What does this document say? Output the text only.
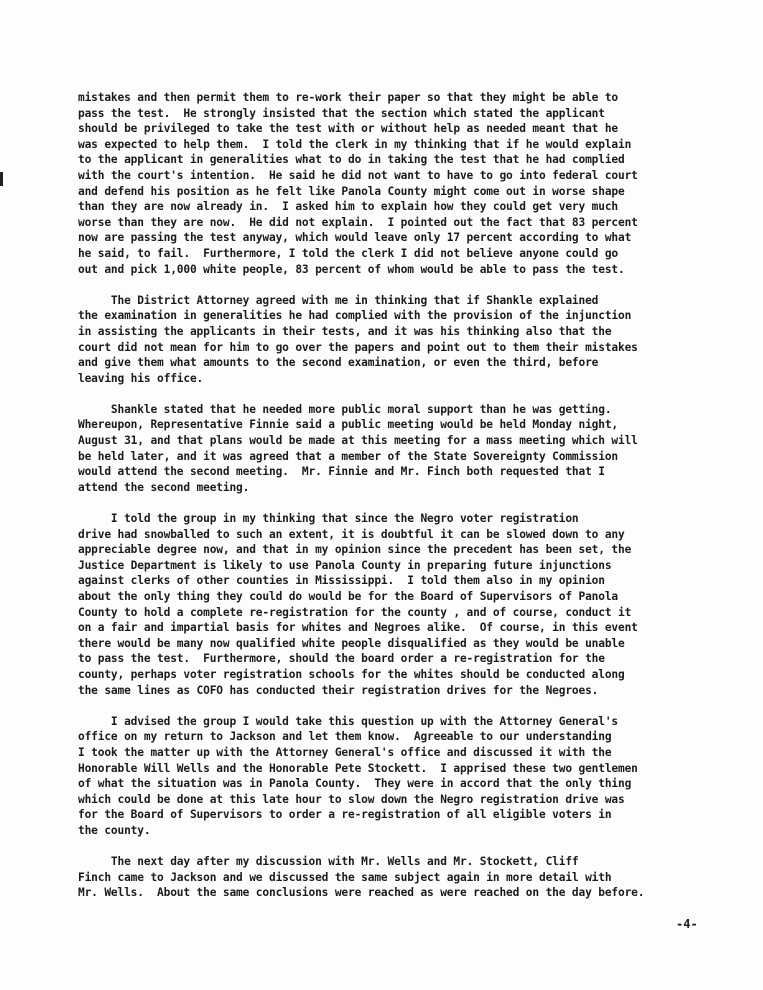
mistakes and then permit them to re-work their paper so that they might be able to
pass the test.  He strongly insisted that the section which stated the applicant
should be privileged to take the test with or without help as needed meant that he
was expected to help them.  I told the clerk in my thinking that if he would explain
to the applicant in generalities what to do in taking the test that he had complied
with the court's intention.  He said he did not want to have to go into federal court
and defend his position as he felt like Panola County might come out in worse shape
than they are now already in.  I asked him to explain how they could get very much
worse than they are now.  He did not explain.  I pointed out the fact that 83 percent
now are passing the test anyway, which would leave only 17 percent according to what
he said, to fail.  Furthermore, I told the clerk I did not believe anyone could go
out and pick 1,000 white people, 83 percent of whom would be able to pass the test.
The District Attorney agreed with me in thinking that if Shankle explained
the examination in generalities he had complied with the provision of the injunction
in assisting the applicants in their tests, and it was his thinking also that the
court did not mean for him to go over the papers and point out to them their mistakes
and give them what amounts to the second examination, or even the third, before
leaving his office.
Shankle stated that he needed more public moral support than he was getting.
Whereupon, Representative Finnie said a public meeting would be held Monday night,
August 31, and that plans would be made at this meeting for a mass meeting which will
be held later, and it was agreed that a member of the State Sovereignty Commission
would attend the second meeting.  Mr. Finnie and Mr. Finch both requested that I
attend the second meeting.
I told the group in my thinking that since the Negro voter registration
drive had snowballed to such an extent, it is doubtful it can be slowed down to any
appreciable degree now, and that in my opinion since the precedent has been set, the
Justice Department is likely to use Panola County in preparing future injunctions
against clerks of other counties in Mississippi.  I told them also in my opinion
about the only thing they could do would be for the Board of Supervisors of Panola
County to hold a complete re-registration for the county , and of course, conduct it
on a fair and impartial basis for whites and Negroes alike.  Of course, in this event
there would be many now qualified white people disqualified as they would be unable
to pass the test.  Furthermore, should the board order a re-registration for the
county, perhaps voter registration schools for the whites should be conducted along
the same lines as COFO has conducted their registration drives for the Negroes.
I advised the group I would take this question up with the Attorney General's
office on my return to Jackson and let them know.  Agreeable to our understanding
I took the matter up with the Attorney General's office and discussed it with the
Honorable Will Wells and the Honorable Pete Stockett.  I apprised these two gentlemen
of what the situation was in Panola County.  They were in accord that the only thing
which could be done at this late hour to slow down the Negro registration drive was
for the Board of Supervisors to order a re-registration of all eligible voters in
the county.
The next day after my discussion with Mr. Wells and Mr. Stockett, Cliff
Finch came to Jackson and we discussed the same subject again in more detail with
Mr. Wells.  About the same conclusions were reached as were reached on the day before.
-4-
